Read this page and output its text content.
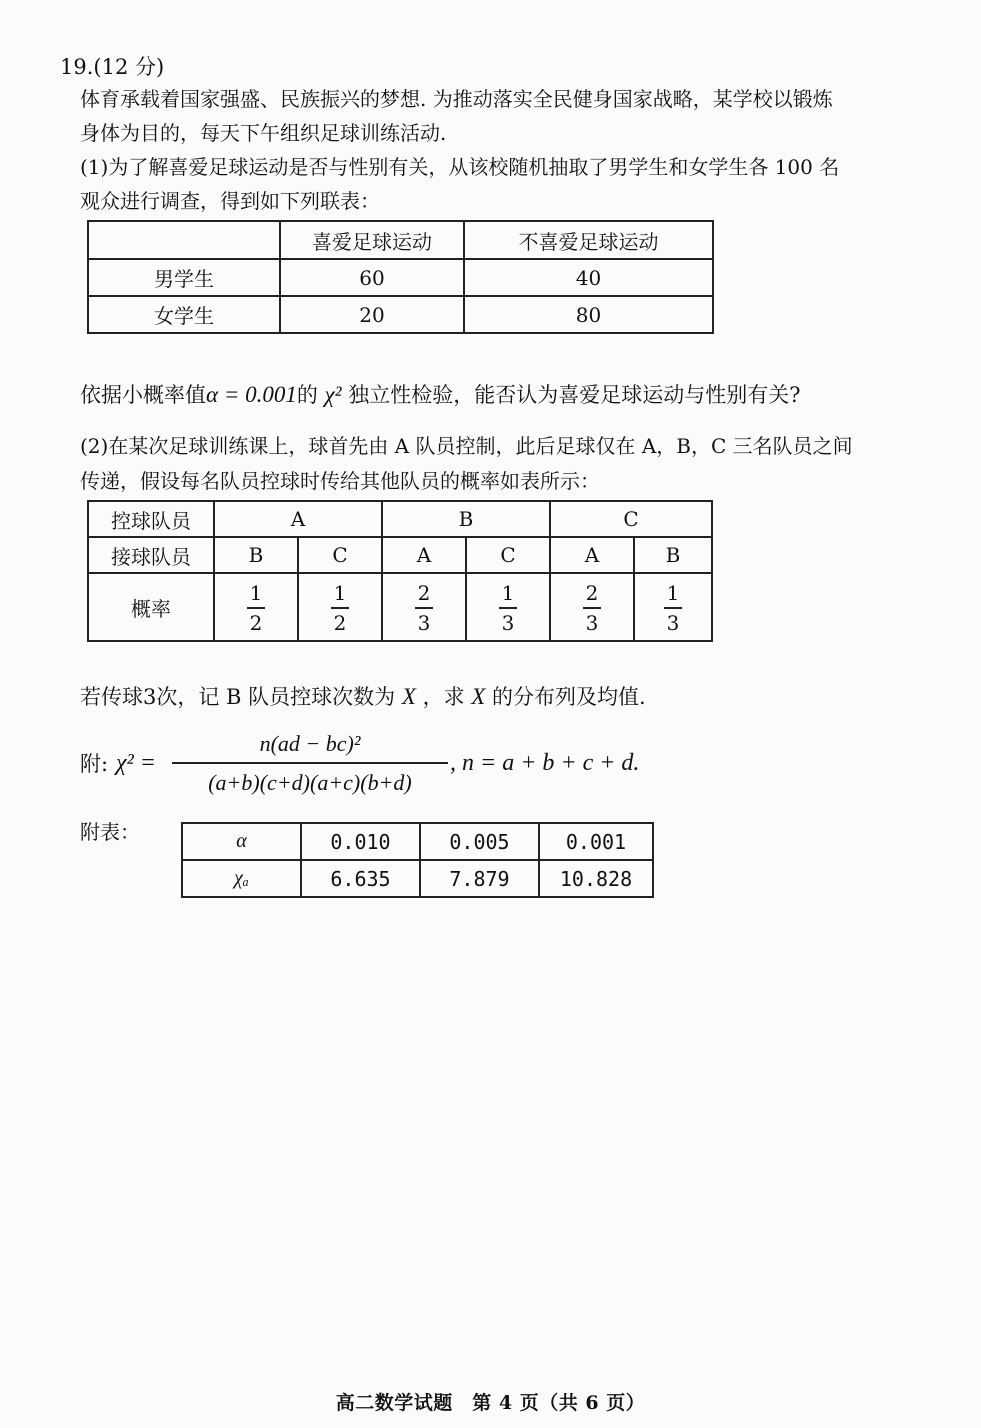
19.(12 分)
体育承载着国家强盛、民族振兴的梦想. 为推动落实全民健身国家战略，某学校以锻炼
身体为目的，每天下午组织足球训练活动.
(1)为了解喜爱足球运动是否与性别有关，从该校随机抽取了男学生和女学生各 100 名
观众进行调查，得到如下列联表：
	喜爱足球运动	不喜爱足球运动
男学生	60	40
女学生	20	80
依据小概率值α = 0.001的 χ² 独立性检验，能否认为喜爱足球运动与性别有关?
(2)在某次足球训练课上，球首先由 A 队员控制，此后足球仅在 A，B，C 三名队员之间
传递，假设每名队员控球时传给其他队员的概率如表所示：
控球队员	A		B		C	
接球队员	B	C	A	C	A	B
概率	$\frac{1}{2}$	$\frac{1}{2}$	$\frac{2}{3}$	$\frac{1}{3}$	$\frac{2}{3}$	$\frac{1}{3}$
若传球3次，记 B 队员控球次数为 X ，求 X 的分布列及均值.
附: $\chi^2 = \frac{\text{n(ad − bc)²}}{(a+b)(c+d)(a+c)(b+d)}$ , n = a + b + c + d.
附表：	α	0.010	0.005	0.001
χₐ	6.635	7.879	10.828
高二数学试题　第 4 页（共 6 页）
